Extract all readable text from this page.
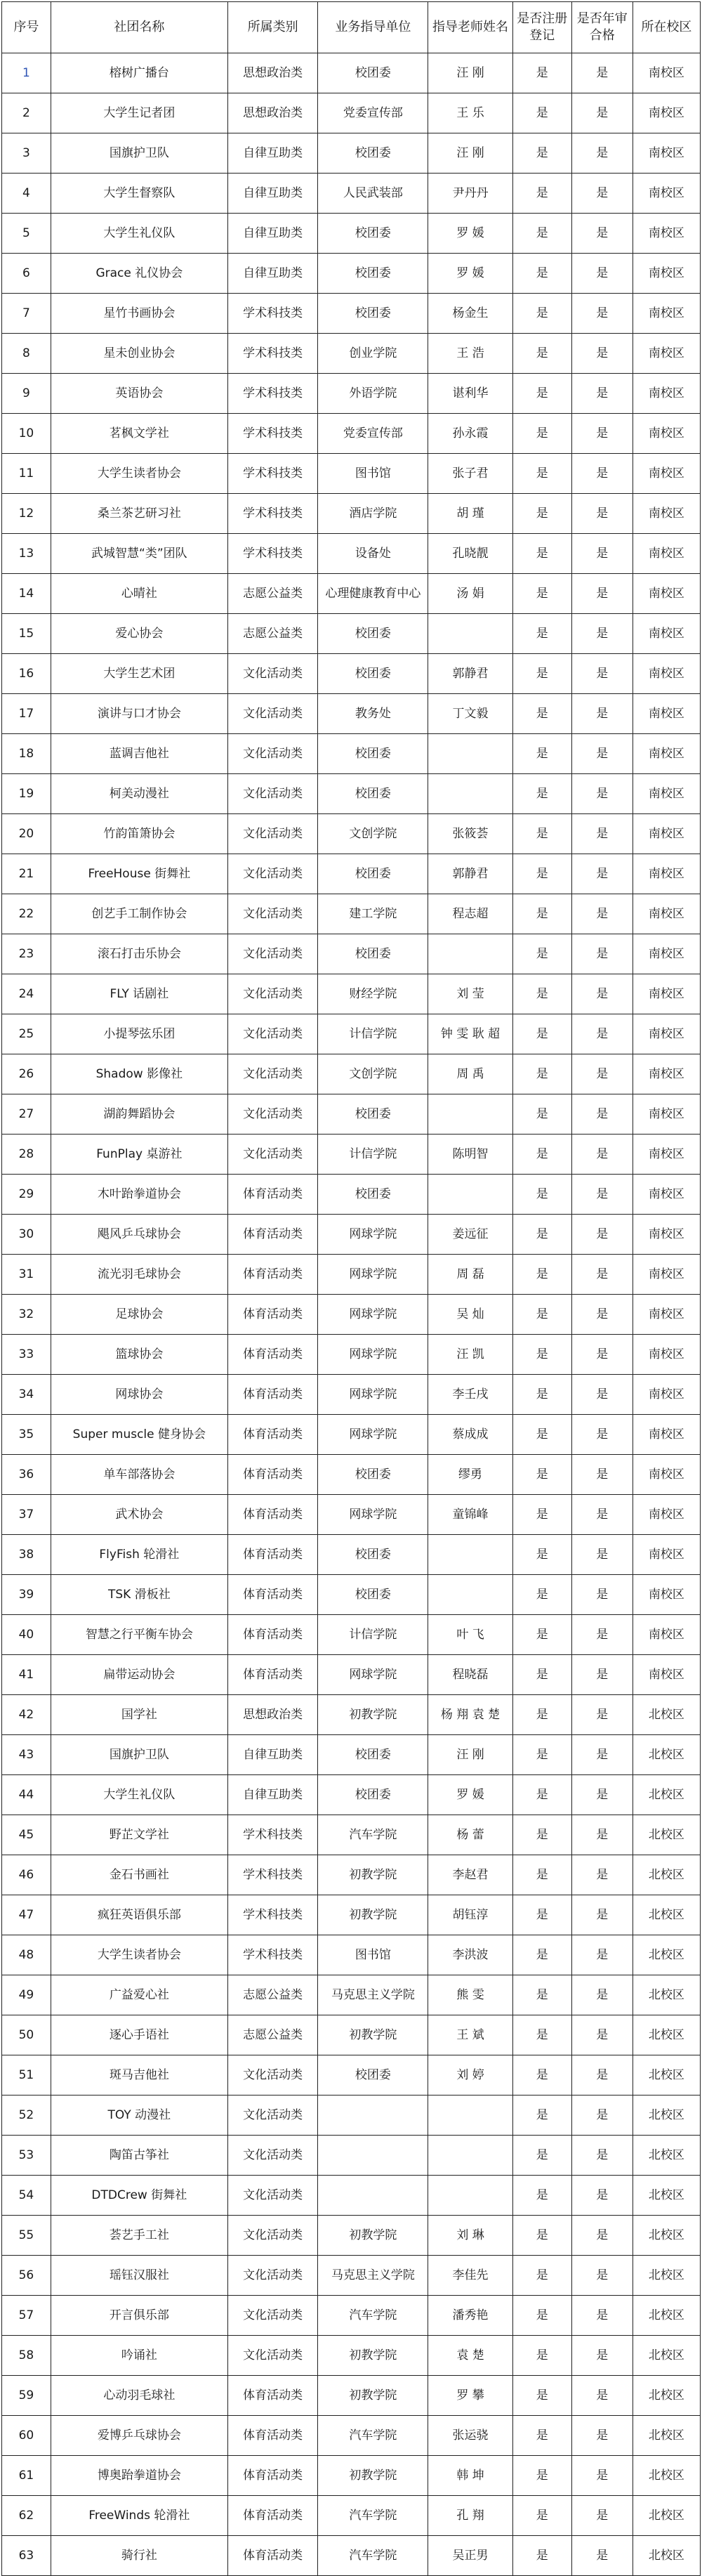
序号	社团名称	所属类别	业务指导单位	指导老师姓名	是否注册登记	是否年审合格	所在校区
1	榕树广播台	思想政治类	校团委	汪 刚	是	是	南校区
2	大学生记者团	思想政治类	党委宣传部	王 乐	是	是	南校区
3	国旗护卫队	自律互助类	校团委	汪 刚	是	是	南校区
4	大学生督察队	自律互助类	人民武装部	尹丹丹	是	是	南校区
5	大学生礼仪队	自律互助类	校团委	罗 媛	是	是	南校区
6	Grace 礼仪协会	自律互助类	校团委	罗 媛	是	是	南校区
7	星竹书画协会	学术科技类	校团委	杨金生	是	是	南校区
8	星未创业协会	学术科技类	创业学院	王 浩	是	是	南校区
9	英语协会	学术科技类	外语学院	谌利华	是	是	南校区
10	茗枫文学社	学术科技类	党委宣传部	孙永霞	是	是	南校区
11	大学生读者协会	学术科技类	图书馆	张子君	是	是	南校区
12	桑兰茶艺研习社	学术科技类	酒店学院	胡 瑾	是	是	南校区
13	武城智慧“类”团队	学术科技类	设备处	孔晓靓	是	是	南校区
14	心晴社	志愿公益类	心理健康教育中心	汤 娟	是	是	南校区
15	爱心协会	志愿公益类	校团委		是	是	南校区
16	大学生艺术团	文化活动类	校团委	郭静君	是	是	南校区
17	演讲与口才协会	文化活动类	教务处	丁文毅	是	是	南校区
18	蓝调吉他社	文化活动类	校团委		是	是	南校区
19	柯美动漫社	文化活动类	校团委		是	是	南校区
20	竹韵笛箫协会	文化活动类	文创学院	张筱荟	是	是	南校区
21	FreeHouse 街舞社	文化活动类	校团委	郭静君	是	是	南校区
22	创艺手工制作协会	文化活动类	建工学院	程志超	是	是	南校区
23	滚石打击乐协会	文化活动类	校团委		是	是	南校区
24	FLY 话剧社	文化活动类	财经学院	刘 莹	是	是	南校区
25	小提琴弦乐团	文化活动类	计信学院	钟 雯 耿 超	是	是	南校区
26	Shadow 影像社	文化活动类	文创学院	周 禹	是	是	南校区
27	湖韵舞蹈协会	文化活动类	校团委		是	是	南校区
28	FunPlay 桌游社	文化活动类	计信学院	陈明智	是	是	南校区
29	木叶跆拳道协会	体育活动类	校团委		是	是	南校区
30	飓风乒乓球协会	体育活动类	网球学院	姜远征	是	是	南校区
31	流光羽毛球协会	体育活动类	网球学院	周 磊	是	是	南校区
32	足球协会	体育活动类	网球学院	吴 灿	是	是	南校区
33	篮球协会	体育活动类	网球学院	汪 凯	是	是	南校区
34	网球协会	体育活动类	网球学院	李壬戌	是	是	南校区
35	Super muscle 健身协会	体育活动类	网球学院	蔡成成	是	是	南校区
36	单车部落协会	体育活动类	校团委	缪勇	是	是	南校区
37	武术协会	体育活动类	网球学院	童锦峰	是	是	南校区
38	FlyFish 轮滑社	体育活动类	校团委		是	是	南校区
39	TSK 滑板社	体育活动类	校团委		是	是	南校区
40	智慧之行平衡车协会	体育活动类	计信学院	叶 飞	是	是	南校区
41	扁带运动协会	体育活动类	网球学院	程晓磊	是	是	南校区
42	国学社	思想政治类	初教学院	杨 翔 袁 楚	是	是	北校区
43	国旗护卫队	自律互助类	校团委	汪 刚	是	是	北校区
44	大学生礼仪队	自律互助类	校团委	罗 媛	是	是	北校区
45	野芷文学社	学术科技类	汽车学院	杨 蕾	是	是	北校区
46	金石书画社	学术科技类	初教学院	李赵君	是	是	北校区
47	疯狂英语俱乐部	学术科技类	初教学院	胡钰淳	是	是	北校区
48	大学生读者协会	学术科技类	图书馆	李洪波	是	是	北校区
49	广益爱心社	志愿公益类	马克思主义学院	熊 雯	是	是	北校区
50	逐心手语社	志愿公益类	初教学院	王 斌	是	是	北校区
51	斑马吉他社	文化活动类	校团委	刘 婷	是	是	北校区
52	TOY 动漫社	文化活动类			是	是	北校区
53	陶笛古筝社	文化活动类			是	是	北校区
54	DTDCrew 街舞社	文化活动类			是	是	北校区
55	荟艺手工社	文化活动类	初教学院	刘 琳	是	是	北校区
56	瑶钰汉服社	文化活动类	马克思主义学院	李佳先	是	是	北校区
57	开言俱乐部	文化活动类	汽车学院	潘秀艳	是	是	北校区
58	吟诵社	文化活动类	初教学院	袁 楚	是	是	北校区
59	心动羽毛球社	体育活动类	初教学院	罗 攀	是	是	北校区
60	爱博乒乓球协会	体育活动类	汽车学院	张运骁	是	是	北校区
61	博奥跆拳道协会	体育活动类	初教学院	韩 坤	是	是	北校区
62	FreeWinds 轮滑社	体育活动类	汽车学院	孔 翔	是	是	北校区
63	骑行社	体育活动类	汽车学院	吴正男	是	是	北校区
